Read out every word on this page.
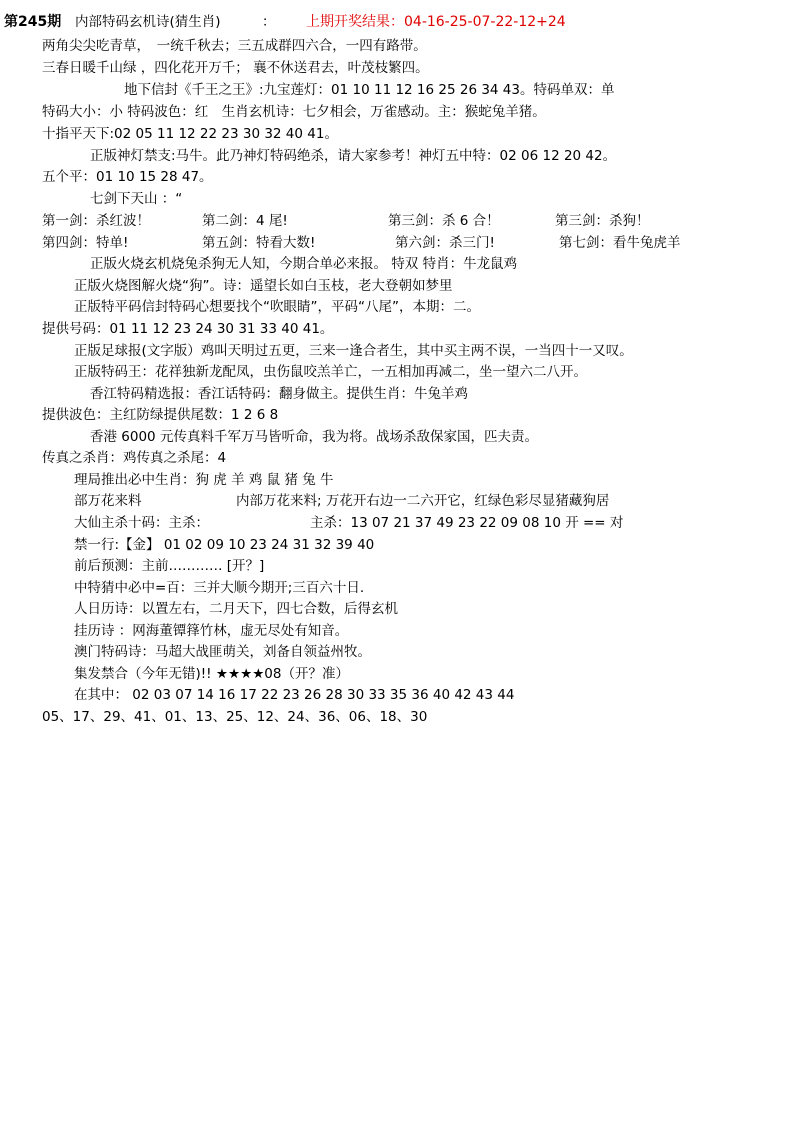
第245期 内部特码玄机诗(猜生肖)	： 上期开奖结果：04-16-25-07-22-12+24
两角尖尖吃青草，　一统千秋去；三五成群四六合，一四有路带。
三春日暖千山绿 ，四化花开万千； 襄不休送君去，叶茂枝繁四。
地下信封《千王之王》:九宝莲灯：01 10 11 12 16 25 26 34 43。特码单双：单
特码大小：小 特码波色：红　生肖玄机诗：七夕相会，万雀感动。主：猴蛇兔羊猪。
十指平天下:02 05 11 12 22 23 30 32 40 41。
正版神灯禁支:马牛。此乃神灯特码绝杀，请大家参考！神灯五中特：02 06 12 20 42。
五个平：01 10 15 28 47。
七剑下天山 ：“
第一剑：杀红波！	第二剑：4 尾!	第三剑：杀 6 合！	第三剑：杀狗！
第四剑：特单!	第五剑：特看大数!	第六剑：杀三门!	第七剑：看牛兔虎羊
正版火烧玄机烧兔杀狗无人知，今期合单必来报。 特双 特肖：牛龙鼠鸡
正版火烧图解火烧“狗”。诗：遥望长如白玉枝，老大登朝如梦里
正版特平码信封特码心想要找个“吹眼睛”，平码“八尾”，本期：二。
提供号码：01 11 12 23 24 30 31 33 40 41。
正版足球报(文字版）鸡叫天明过五更，三来一逢合者生，其中买主两不误，一当四十一又叹。
正版特码王：花祥独新龙配凤，虫伤鼠咬羔羊亡，一五相加再减二，坐一望六二八开。
香江特码精选报：香江话特码：翻身做主。提供生肖：牛兔羊鸡
提供波色：主红防绿提供尾数：1 2 6 8
香港 6000 元传真料千军万马皆听命，我为将。战场杀敌保家国，匹夫责。
传真之杀肖：鸡传真之杀尾：4
理局推出必中生肖：狗 虎 羊 鸡 鼠 猪 兔 牛
部万花来料	内部万花来料; 万花开右边一二六开它，红绿色彩尽显猪藏狗居
大仙主杀十码：主杀：	主杀：13 07 21 37 49 23 22 09 08 10 开 == 对
禁一行:【金】 01 02 09 10 23 24 31 32 39 40
前后预测：主前………… [开？]
中特猜中必中=百：三并大顺今期开;三百六十日.
人日历诗：以置左右，二月天下，四七合数，后得玄机
挂历诗 ：网海董镡箨竹林，虚无尽处有知音。
澳门特码诗：马超大战匪萌关，刘备自领益州牧。
集发禁合（今年无错)!! ★★★★08（开？准）
在其中： 02 03 07 14 16 17 22 23 26 28 30 33 35 36 40 42 43 44
05、17、29、41、01、13、25、12、24、36、06、18、30
